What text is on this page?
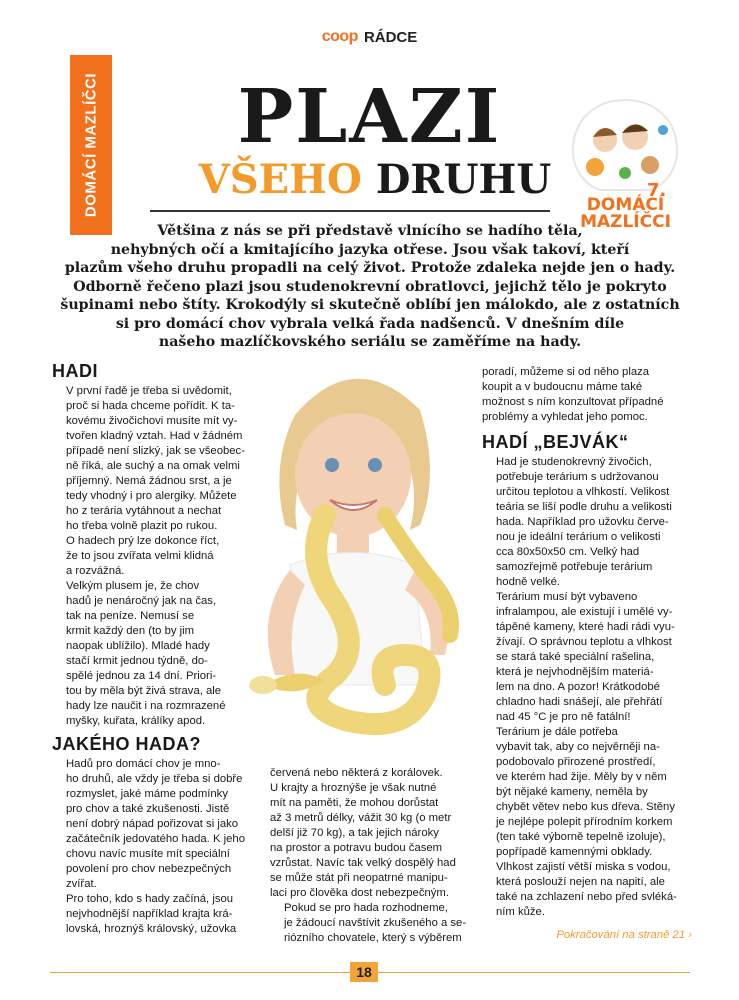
coop RÁDCE
DOMÁCÍ MAZLÍČCI	PLAZI
VŠEHO DRUHU	7.
DOMÁCÍ
MAZLÍČCI
Většina z nás se při představě vlnícího se hadího těla,
nehybných očí a kmitajícího jazyka otřese. Jsou však takoví, kteří
plazům všeho druhu propadli na celý život. Protože zdaleka nejde jen o hady.
Odborně řečeno plazi jsou studenokrevní obratlovci, jejichž tělo je pokryto
šupinami nebo štíty. Krokodýly si skutečně oblíbí jen málokdo, ale z ostatních
si pro domácí chov vybrala velká řada nadšenců. V dnešním díle
našeho mazlíčkovského seriálu se zaměříme na hady.
HADI
V první řadě je třeba si uvědomit,
proč si hada chceme pořídit. K ta-
kovému živočichovi musíte mít vy-
tvořen kladný vztah. Had v žádném
případě není slizký, jak se všeobec-
ně říká, ale suchý a na omak velmi
příjemný. Nemá žádnou srst, a je
tedy vhodný i pro alergiky. Můžete
ho z terária vytáhnout a nechat
ho třeba volně plazit po rukou.
O hadech prý lze dokonce říct,
že to jsou zvířata velmi klidná
a rozvážná.
Velkým plusem je, že chov
hadů je nenáročný jak na čas,
tak na peníze. Nemusí se
krmit každý den (to by jim
naopak ublížilo). Mladé hady
stačí krmit jednou týdně, do-
spělé jednou za 14 dní. Priori-
tou by měla být živá strava, ale
hady lze naučit i na rozmrazené
myšky, kuřata, králíky apod.
JAKÉHO HADA?
Hadů pro domácí chov je mno-
ho druhů, ale vždy je třeba si dobře
rozmyslet, jaké máme podmínky
pro chov a také zkušenosti. Jistě
není dobrý nápad pořizovat si jako
začátečník jedovatého hada. K jeho
chovu navíc musíte mít speciální
povolení pro chov nebezpečných
zvířat.
Pro toho, kdo s hady začíná, jsou
nejvhodnější například krajta krá-
lovská, hroznýš královský, užovka
červená nebo některá z korálovek.
U krajty a hroznýše je však nutné
mít na paměti, že mohou dorůstat
až 3 metrů délky, vážit 30 kg (o metr
delší již 70 kg), a tak jejich nároky
na prostor a potravu budou časem
vzrůstat. Navíc tak velký dospělý had
se může stát při neopatrné manipu-
laci pro člověka dost nebezpečným.
Pokud se pro hada rozhodneme,
je žádoucí navštívit zkušeného a se-
riózního chovatele, který s výběrem
poradí, můžeme si od něho plaza
koupit a v budoucnu máme také
možnost s ním konzultovat případné
problémy a vyhledat jeho pomoc.
HADÍ „BEJVÁK“
Had je studenokrevný živočich,
potřebuje terárium s udržovanou
určitou teplotou a vlhkostí. Velikost
teária se liší podle druhu a velikosti
hada. Například pro užovku červe-
nou je ideální terárium o velikosti
cca 80x50x50 cm. Velký had
samozřejmě potřebuje terárium
hodně velké.
Terárium musí být vybaveno
infralampou, ale existují i umělé vy-
tápěné kameny, které hadi rádi vyu-
žívají. O správnou teplotu a vlhkost
se stará také speciální rašelina,
která je nejvhodnějším materiá-
lem na dno. A pozor! Krátkodobé
chladno hadi snášejí, ale přehřátí
nad 45 °C je pro ně fatální!
Terárium je dále potřeba
vybavit tak, aby co nejvěrněji na-
podobovalo přirozené prostředí,
ve kterém had žije. Měly by v něm
být nějaké kameny, neměla by
chybět větev nebo kus dřeva. Stěny
je nejlépe polepit přírodním korkem
(ten také výborně tepelně izoluje),
popřípadě kamennými obklady.
Vlhkost zajistí větší miska s vodou,
která poslouží nejen na napití, ale
také na zchlazení nebo před svléká-
ním kůže.
Pokračování na straně 21 ›
18
